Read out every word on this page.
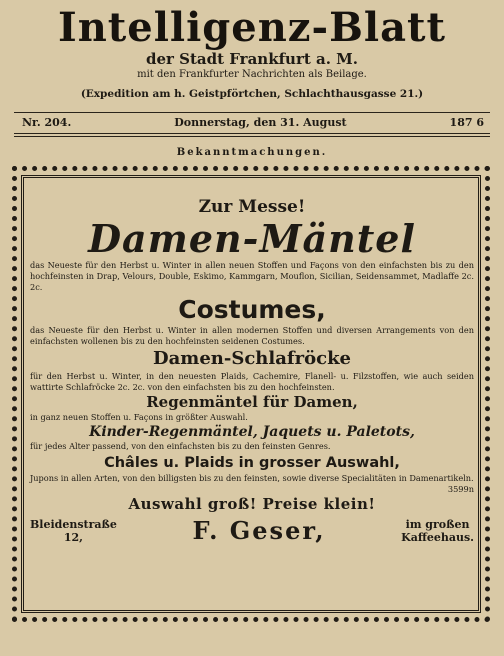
Intelligenz-Blatt
der Stadt Frankfurt a. M.
mit den Frankfurter Nachrichten als Beilage.
(Expedition am h. Geistpförtchen, Schlachthausgasse 21.)
Nr. 204.	Donnerstag, den 31. August	187 6
Bekanntmachungen.
Zur Messe!
Damen-Mäntel
das Neueste für den Herbst u. Winter in allen neuen Stoffen und Façons von den einfachsten bis zu den hochfeinsten in Drap, Velours, Double, Eskimo, Kammgarn, Mouflon, Sicilian, Seidensammet, Madlaffe 2c. 2c.
Costumes,
das Neueste für den Herbst u. Winter in allen modernen Stoffen und diversen Arrangements von den einfachsten wollenen bis zu den hochfeinsten seidenen Costumes.
Damen-Schlafröcke
für den Herbst u. Winter, in den neuesten Plaids, Cachemire, Flanell- u. Filzstoffen, wie auch seiden wattirte Schlafröcke 2c. 2c. von den einfachsten bis zu den hochfeinsten.
Regenmäntel für Damen,
in ganz neuen Stoffen u. Façons in größter Auswahl.
Kinder-Regenmäntel, Jaquets u. Paletots,
für jedes Alter passend, von den einfachsten bis zu den feinsten Genres.
Châles u. Plaids in grosser Auswahl,
Jupons in allen Arten, von den billigsten bis zu den feinsten, sowie diverse Specialitäten in Damenartikeln.
3599n
Auswahl groß! Preise klein!
Bleidenstraße
12,	F. Geser,	im großen
Kaffeehaus.
